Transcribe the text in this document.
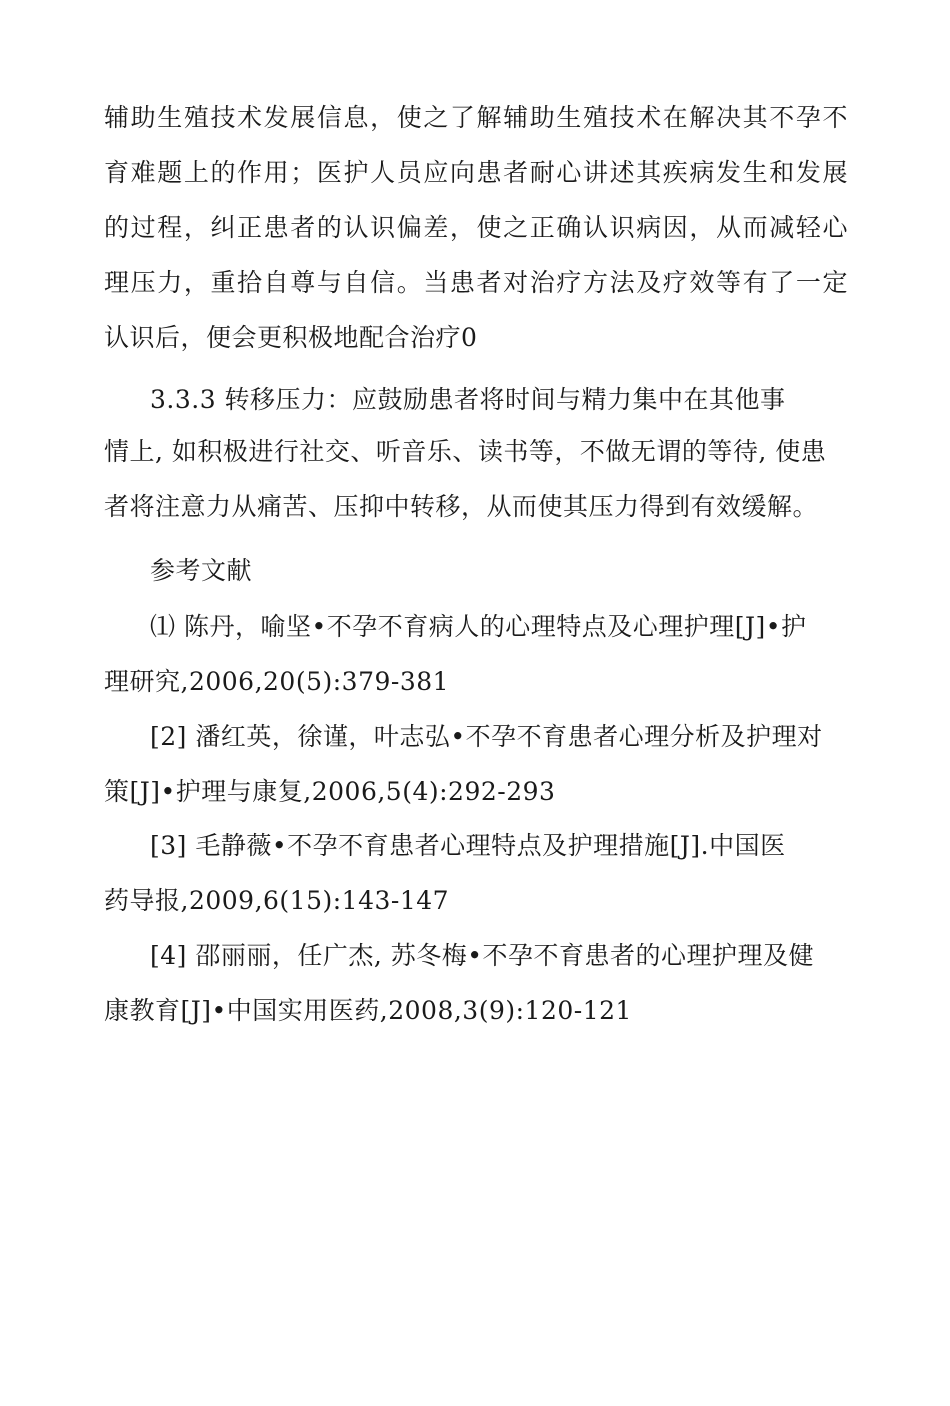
辅 助 生 殖 技 术 发 展 信 息 ， 使 之 了 解 辅 助 生 殖 技 术 在 解 决 其 不 孕 不
育 难 题 上 的 作 用 ； 医 护 人 员 应 向 患 者 耐 心 讲 述 其 疾 病 发 生 和 发 展
的 过 程 ， 纠 正 患 者 的 认 识 偏 差 ， 使 之 正 确 认 识 病 因 ， 从 而 减 轻 心
理 压 力 ， 重 拾 自 尊 与 自 信 。 当 患 者 对 治 疗 方 法 及 疗 效 等 有 了 一 定
认识后，便会更积极地配合治疗0
3.3.3 转移压力：应鼓励患者将时间与精力集中在其他事
情上, 如积极进行社交、听音乐、读书等，不做无谓的等待, 使患
者将注意力从痛苦、压抑中转移，从而使其压力得到有效缓解。
参考文献
⑴ 陈丹，喻坚•不孕不育病人的心理特点及心理护理[J]•护
理研究,2006,20(5):379-381
[2] 潘红英，徐谨，叶志弘•不孕不育患者心理分析及护理对
策[J]•护理与康复,2006,5(4):292-293
[3] 毛静薇•不孕不育患者心理特点及护理措施[J].中国医
药导报,2009,6(15):143-147
[4] 邵丽丽，任广杰, 苏冬梅•不孕不育患者的心理护理及健
康教育[J]•中国实用医药,2008,3(9):120-121
